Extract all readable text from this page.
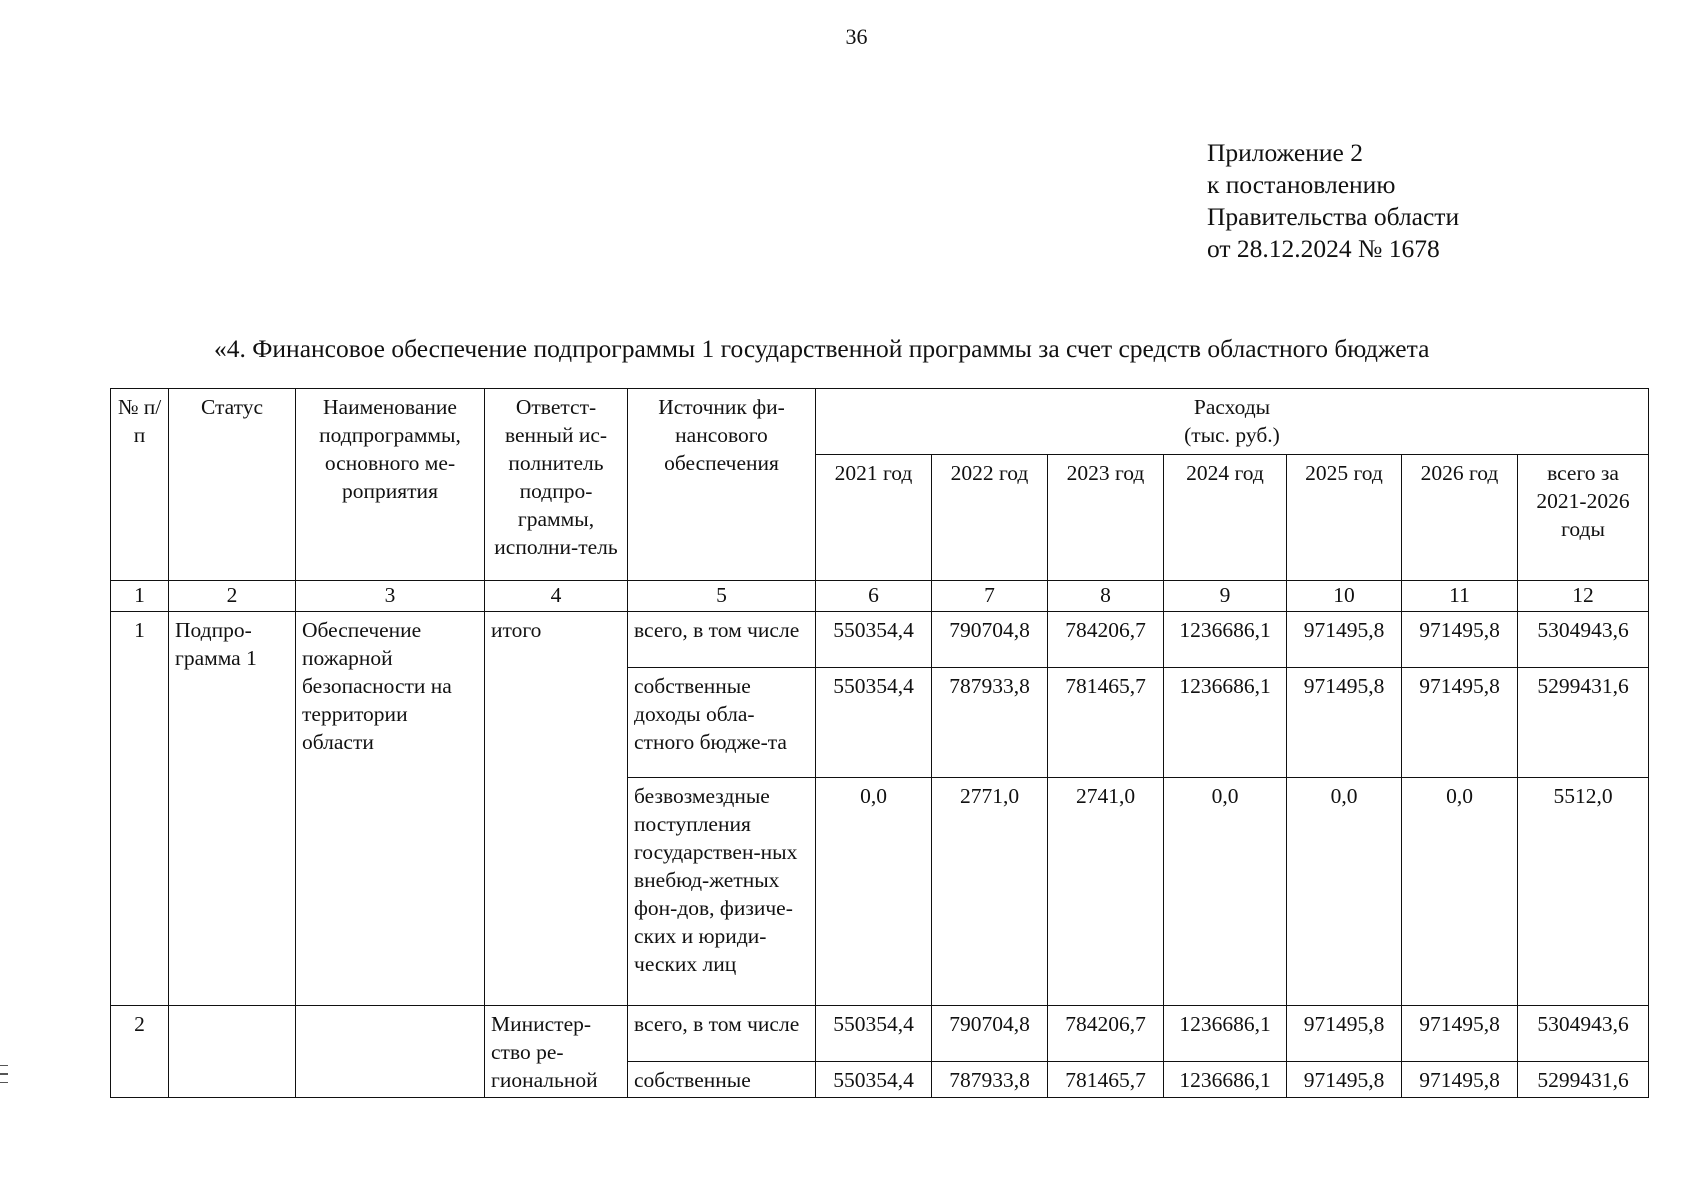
36
Приложение 2
к постановлению
Правительства области
от 28.12.2024 № 1678
«4. Финансовое обеспечение подпрограммы 1 государственной программы за счет средств областного бюджета
№ п/п	Статус	Наименование подпрограммы, основного ме-роприятия	Ответст-венный ис-полнитель подпро-граммы, исполни-тель	Источник фи-нансового обеспечения	Расходы (тыс. руб.)						
					2021 год	2022 год	2023 год	2024 год	2025 год	2026 год	всего за 2021-2026 годы
1	2	3	4	5	6	7	8	9	10	11	12
1	Подпро-грамма 1	Обеспечение пожарной безопасности на территории области	итого	всего, в том числе	550354,4	790704,8	784206,7	1236686,1	971495,8	971495,8	5304943,6
				собственные доходы обла-стного бюдже-та	550354,4	787933,8	781465,7	1236686,1	971495,8	971495,8	5299431,6
				безвозмездные поступления государствен-ных внебюд-жетных фон-дов, физиче-ских и юриди-ческих лиц	0,0	2771,0	2741,0	0,0	0,0	0,0	5512,0
2			Министер-ство ре-гиональной	всего, в том числе	550354,4	790704,8	784206,7	1236686,1	971495,8	971495,8	5304943,6
				собственные	550354,4	787933,8	781465,7	1236686,1	971495,8	971495,8	5299431,6
